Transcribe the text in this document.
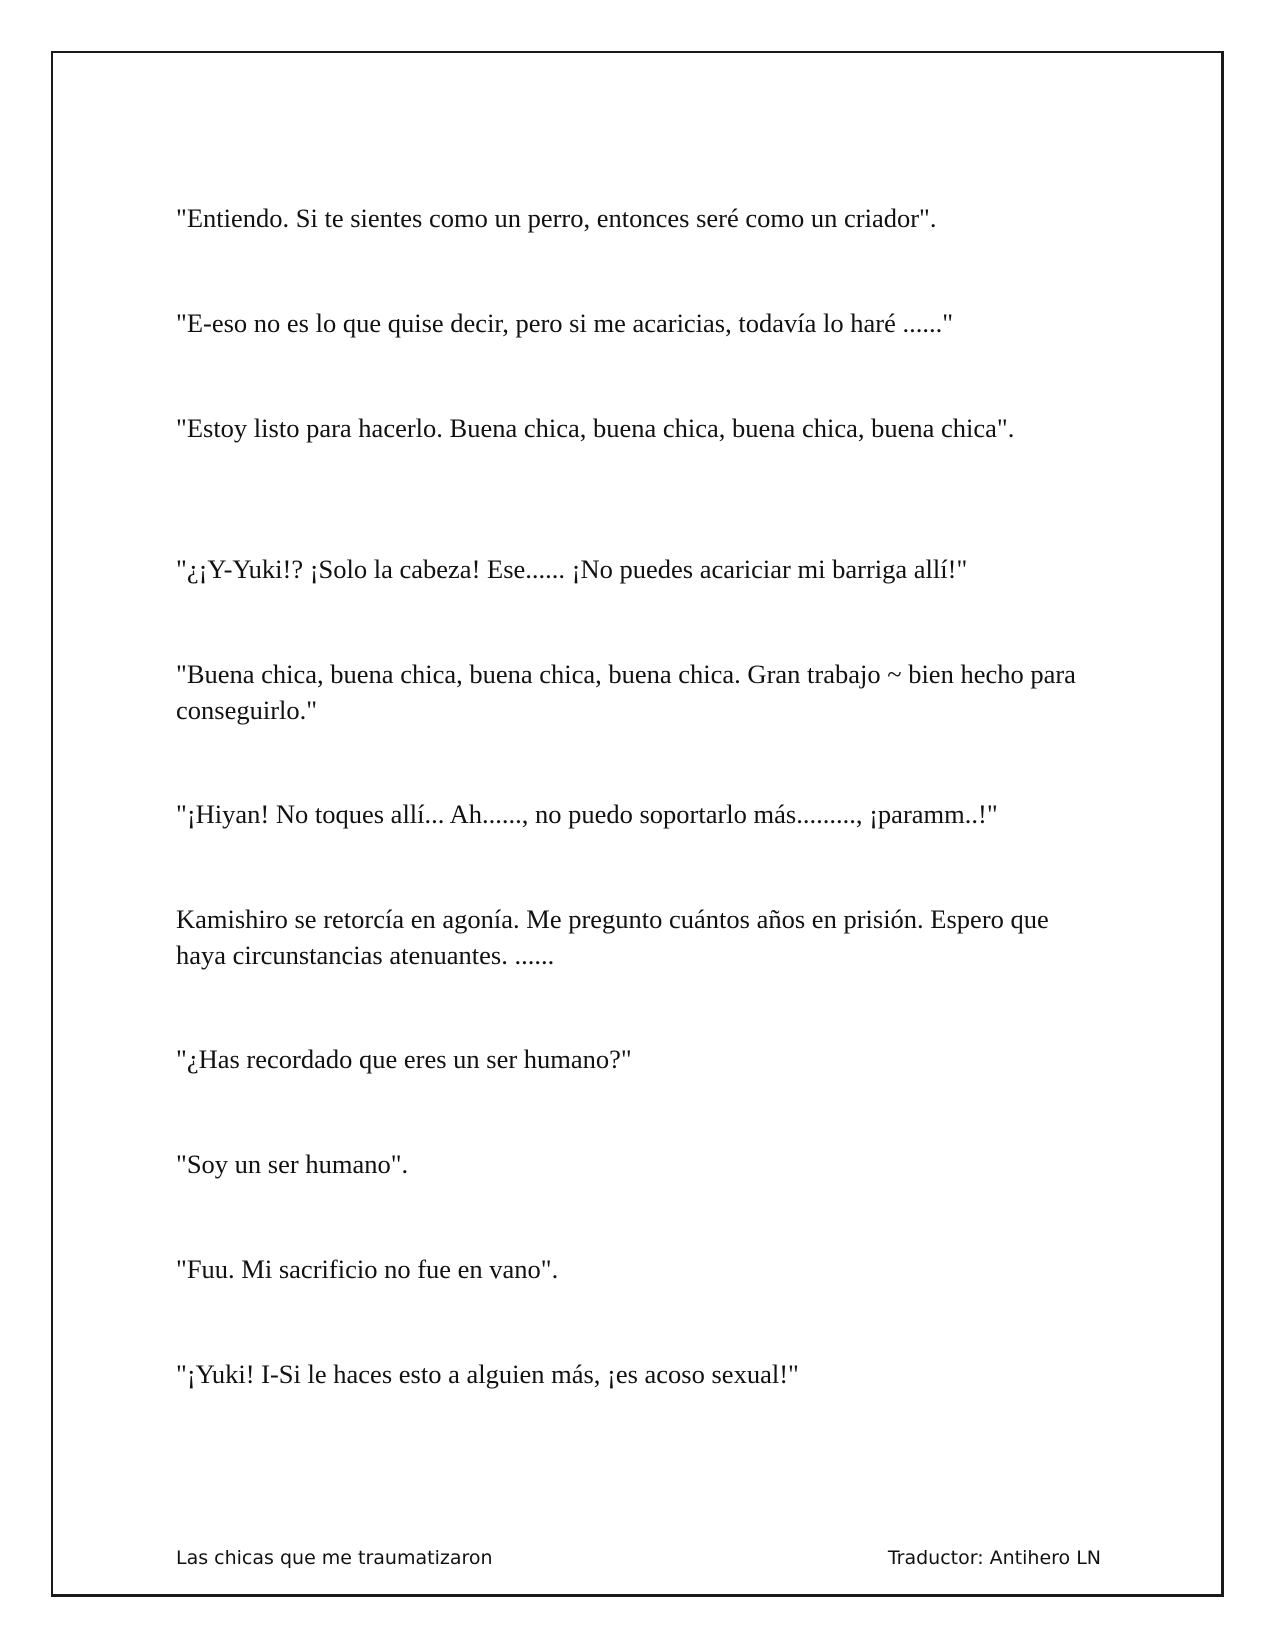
"Entiendo. Si te sientes como un perro, entonces seré como un criador".

"E-eso no es lo que quise decir, pero si me acaricias, todavía lo haré ......"

"Estoy listo para hacerlo. Buena chica, buena chica, buena chica, buena chica".

"¿¡Y-Yuki!? ¡Solo la cabeza! Ese...... ¡No puedes acariciar mi barriga allí!"

"Buena chica, buena chica, buena chica, buena chica. Gran trabajo ~ bien hecho para conseguirlo."

"¡Hiyan! No toques allí... Ah......, no puedo soportarlo más........., ¡paramm..!"

Kamishiro se retorcía en agonía. Me pregunto cuántos años en prisión. Espero que haya circunstancias atenuantes. ......

"¿Has recordado que eres un ser humano?"

"Soy un ser humano".

"Fuu. Mi sacrificio no fue en vano".

"¡Yuki! I-Si le haces esto a alguien más, ¡es acoso sexual!"

Las chicas que me traumatizaron	Traductor: Antihero LN
